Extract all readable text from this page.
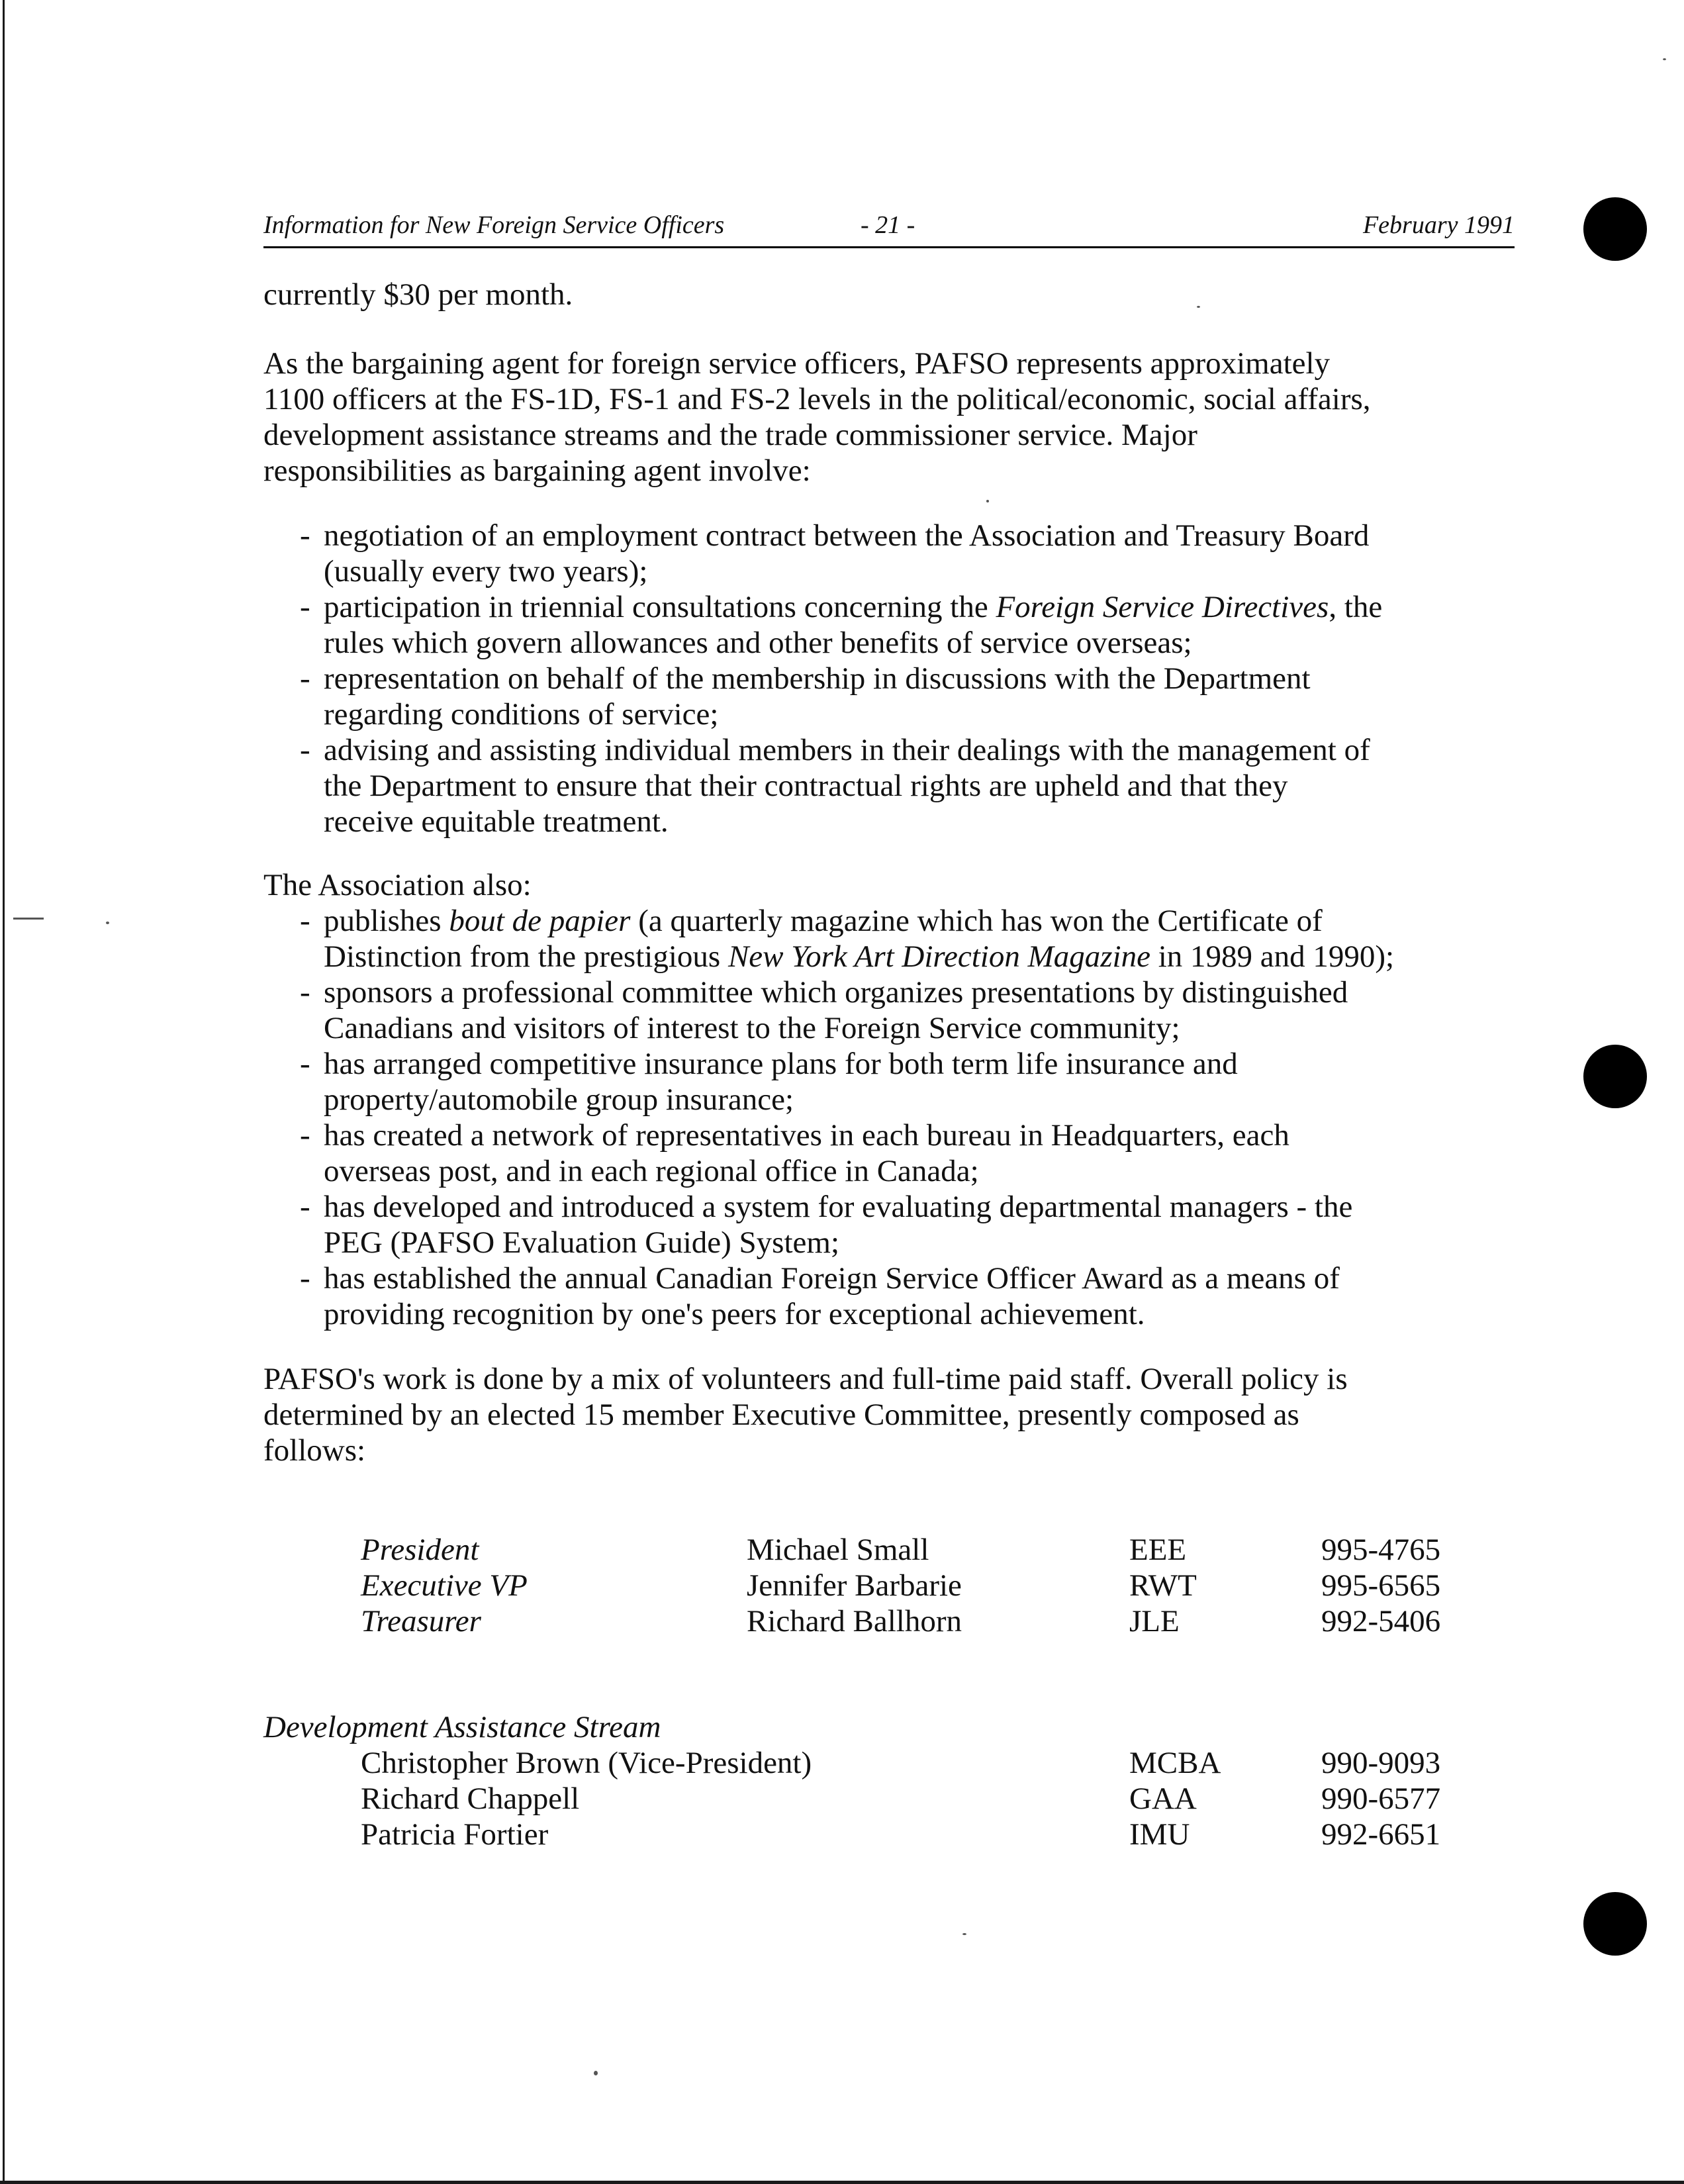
Information for New Foreign Service Officers	- 21 -	February 1991
currently $30 per month.
As the bargaining agent for foreign service officers, PAFSO represents approximately
1100 officers at the FS-1D, FS-1 and FS-2 levels in the political/economic, social affairs,
development assistance streams and the trade commissioner service. Major
responsibilities as bargaining agent involve:
- negotiation of an employment contract between the Association and Treasury Board
(usually every two years);
- participation in triennial consultations concerning the Foreign Service Directives, the
rules which govern allowances and other benefits of service overseas;
- representation on behalf of the membership in discussions with the Department
regarding conditions of service;
- advising and assisting individual members in their dealings with the management of
the Department to ensure that their contractual rights are upheld and that they
receive equitable treatment.
The Association also:
- publishes bout de papier (a quarterly magazine which has won the Certificate of
Distinction from the prestigious New York Art Direction Magazine in 1989 and 1990);
- sponsors a professional committee which organizes presentations by distinguished
Canadians and visitors of interest to the Foreign Service community;
- has arranged competitive insurance plans for both term life insurance and
property/automobile group insurance;
- has created a network of representatives in each bureau in Headquarters, each
overseas post, and in each regional office in Canada;
- has developed and introduced a system for evaluating departmental managers - the
PEG (PAFSO Evaluation Guide) System;
- has established the annual Canadian Foreign Service Officer Award as a means of
providing recognition by one's peers for exceptional achievement.
PAFSO's work is done by a mix of volunteers and full-time paid staff. Overall policy is
determined by an elected 15 member Executive Committee, presently composed as
follows:
President	Michael Small	EEE	995-4765
Executive VP	Jennifer Barbarie	RWT	995-6565
Treasurer	Richard Ballhorn	JLE	992-5406
Development Assistance Stream
Christopher Brown (Vice-President)	MCBA	990-9093
Richard Chappell	GAA	990-6577
Patricia Fortier	IMU	992-6651
